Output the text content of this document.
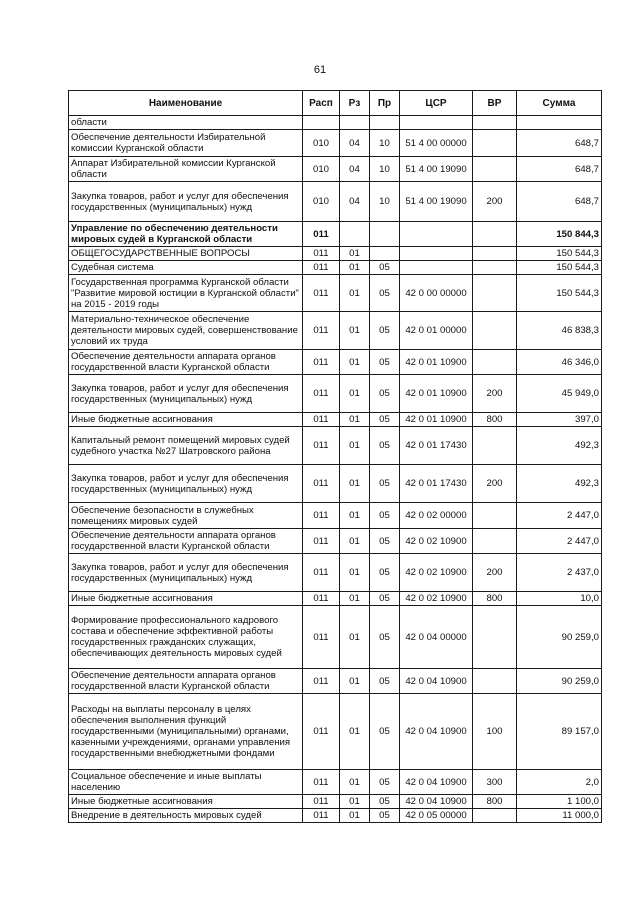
61
Наименование	Расп	Рз	Пр	ЦСР	ВР	Сумма
области						
Обеспечение деятельности Избирательной комиссии Курганской области	010	04	10	51 4 00 00000		648,7
Аппарат Избирательной комиссии Курганской области	010	04	10	51 4 00 19090		648,7
Закупка товаров, работ и услуг для обеспечения государственных (муниципальных) нужд	010	04	10	51 4 00 19090	200	648,7
Управление по обеспечению деятельности мировых судей в Курганской области	011					150 844,3
ОБЩЕГОСУДАРСТВЕННЫЕ ВОПРОСЫ	011	01				150 544,3
Судебная система	011	01	05			150 544,3
Государственная программа Курганской области "Развитие мировой юстиции в Курганской области" на 2015 - 2019 годы	011	01	05	42 0 00 00000		150 544,3
Материально-техническое обеспечение деятельности мировых судей, совершенствование условий их труда	011	01	05	42 0 01 00000		46 838,3
Обеспечение деятельности аппарата органов государственной власти Курганской области	011	01	05	42 0 01 10900		46 346,0
Закупка товаров, работ и услуг для обеспечения государственных (муниципальных) нужд	011	01	05	42 0 01 10900	200	45 949,0
Иные бюджетные ассигнования	011	01	05	42 0 01 10900	800	397,0
Капитальный ремонт помещений мировых судей судебного участка №27 Шатровского района	011	01	05	42 0 01 17430		492,3
Закупка товаров, работ и услуг для обеспечения государственных (муниципальных) нужд	011	01	05	42 0 01 17430	200	492,3
Обеспечение безопасности в служебных помещениях мировых судей	011	01	05	42 0 02 00000		2 447,0
Обеспечение деятельности аппарата органов государственной власти Курганской области	011	01	05	42 0 02 10900		2 447,0
Закупка товаров, работ и услуг для обеспечения государственных (муниципальных) нужд	011	01	05	42 0 02 10900	200	2 437,0
Иные бюджетные ассигнования	011	01	05	42 0 02 10900	800	10,0
Формирование профессионального кадрового состава и обеспечение эффективной работы государственных гражданских служащих, обеспечивающих деятельность мировых судей	011	01	05	42 0 04 00000		90 259,0
Обеспечение деятельности аппарата органов государственной власти Курганской области	011	01	05	42 0 04 10900		90 259,0
Расходы на выплаты персоналу в целях обеспечения выполнения функций государственными (муниципальными) органами, казенными учреждениями, органами управления государственными внебюджетными фондами	011	01	05	42 0 04 10900	100	89 157,0
Социальное обеспечение и иные выплаты населению	011	01	05	42 0 04 10900	300	2,0
Иные бюджетные ассигнования	011	01	05	42 0 04 10900	800	1 100,0
Внедрение в деятельность мировых судей	011	01	05	42 0 05 00000		11 000,0
